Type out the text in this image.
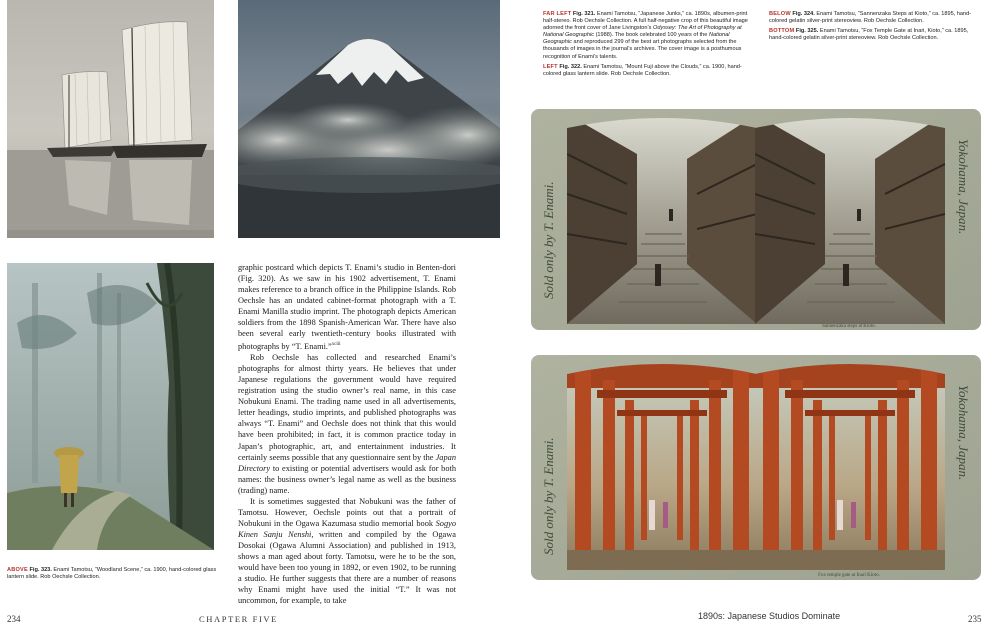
ABOVE Fig. 323. Enami Tamotsu, “Woodland Scene,” ca. 1900, hand-colored glass lantern slide. Rob Oechsle Collection.

graphic postcard which depicts T. Enami’s studio in Benten-dori (Fig. 320). As we saw in his 1902 advertisement, T. Enami makes reference to a branch office in the Philippine Islands. Rob Oechsle has an undated cabinet-format photograph with a T. Enami Manilla studio imprint. The photograph depicts American soldiers from the 1898 Spanish-American War. There have also been several early twentieth-century books illustrated with photographs by “T. Enami.”$^{xciii}$

Rob Oechsle has collected and researched Enami’s photographs for almost thirty years. He believes that under Japanese regulations the government would have required registration using the studio owner’s real name, in this case Nobukuni Enami. The trading name used in all advertisements, letter headings, studio imprints, and published photographs was always “T. Enami” and Oechsle does not think that this would have been prohibited; in fact, it is common practice today in Japan’s photographic, art, and entertainment industries. It certainly seems possible that any questionnaire sent by the Japan Directory to existing or potential advertisers would ask for both names: the business owner’s legal name as well as the business (trading) name.

It is sometimes suggested that Nobukuni was the father of Tamotsu. However, Oechsle points out that a portrait of Nobukuni in the Ogawa Kazumasa studio memorial book Sogyo Kinen Sanju Nenshi, written and compiled by the Ogawa Dosokai (Ogawa Alumni Association) and published in 1913, shows a man aged about forty. Tamotsu, were he to be the son, would have been too young in 1892, or even 1902, to be running a studio. He further suggests that there are a number of reasons why Enami might have used the initial “T.” It was not uncommon, for example, to take

234	CHAPTER FIVE

FAR LEFT Fig. 321. Enami Tamotsu, “Japanese Junks,” ca. 1890s, albumen-print half-stereo. Rob Oechsle Collection. A full half-negative crop of this beautiful image adorned the front cover of Jane Livingston’s Odyssey: The Art of Photography at National Geographic (1988). The book celebrated 100 years of the National Geographic and reproduced 299 of the best art photographs selected from the thousands of images in the journal’s archives. The cover image is a posthumous recognition of Enami’s talents.

LEFT Fig. 322. Enami Tamotsu, “Mount Fuji above the Clouds,” ca. 1900, hand-colored glass lantern slide. Rob Oechsle Collection.

BELOW Fig. 324. Enami Tamotsu, “Sannenzaka Steps at Kioto,” ca. 1895, hand-colored gelatin silver-print stereoview. Rob Oechsle Collection.

BOTTOM Fig. 325. Enami Tamotsu, “Fox Temple Gate at Inari, Kioto,” ca. 1895, hand-colored gelatin silver-print stereoview. Rob Oechsle Collection.

Sold only by T. Enami.	Yokohama, Japan.
Sannenzaka steps at Kioto.
Sold only by T. Enami.
Yokohama, Japan.
Fox temple gate at Inari Kioto.
1890s: Japanese Studios Dominate	235
